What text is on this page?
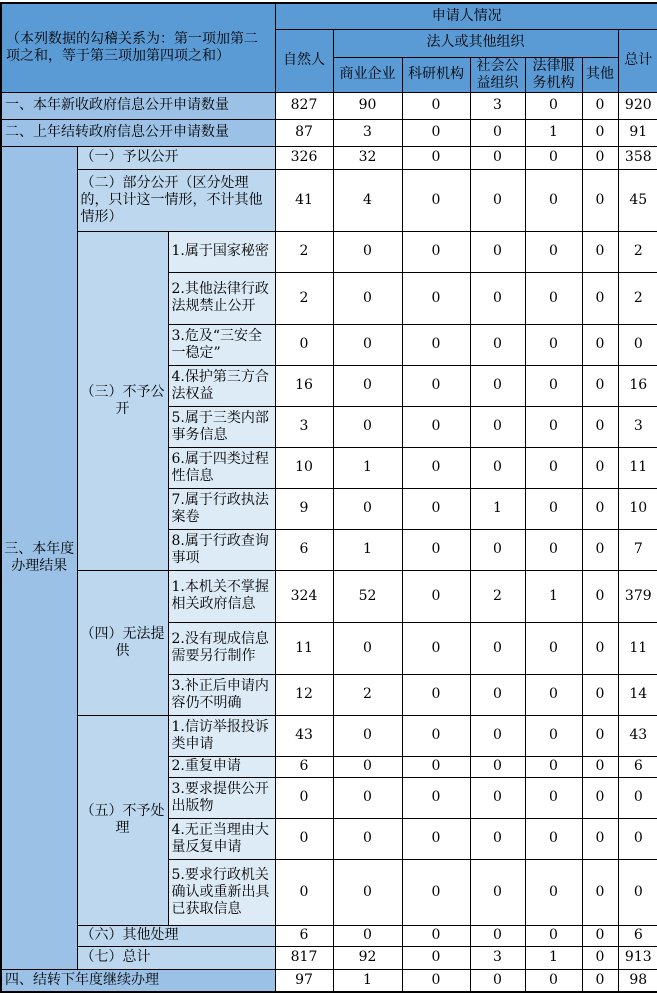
（本列数据的勾稽关系为：第一项加第二项之和，等于第三项加第四项之和）			申请人情况						
			自然人	法人或其他组织					总计
				商业企业	科研机构	社会公益组织	法律服务机构	其他	
一、本年新收政府信息公开申请数量			827	90	0	3	0	0	920
二、上年结转政府信息公开申请数量			87	3	0	0	1	0	91
三、本年度办理结果	（一）予以公开		326	32	0	0	0	0	358
	（二）部分公开（区分处理的，只计这一情形，不计其他情形）		41	4	0	0	0	0	45
	（三）不予公开	1.属于国家秘密	2	0	0	0	0	0	2
		2.其他法律行政法规禁止公开	2	0	0	0	0	0	2
		3.危及“三安全一稳定”	0	0	0	0	0	0	0
		4.保护第三方合法权益	16	0	0	0	0	0	16
		5.属于三类内部事务信息	3	0	0	0	0	0	3
		6.属于四类过程性信息	10	1	0	0	0	0	11
		7.属于行政执法案卷	9	0	0	1	0	0	10
		8.属于行政查询事项	6	1	0	0	0	0	7
	（四）无法提供	1.本机关不掌握相关政府信息	324	52	0	2	1	0	379
		2.没有现成信息需要另行制作	11	0	0	0	0	0	11
		3.补正后申请内容仍不明确	12	2	0	0	0	0	14
	（五）不予处理	1.信访举报投诉类申请	43	0	0	0	0	0	43
		2.重复申请	6	0	0	0	0	0	6
		3.要求提供公开出版物	0	0	0	0	0	0	0
		4.无正当理由大量反复申请	0	0	0	0	0	0	0
		5.要求行政机关确认或重新出具已获取信息	0	0	0	0	0	0	0
	（六）其他处理		6	0	0	0	0	0	6
	（七）总计		817	92	0	3	1	0	913
四、结转下年度继续办理			97	1	0	0	0	0	98
